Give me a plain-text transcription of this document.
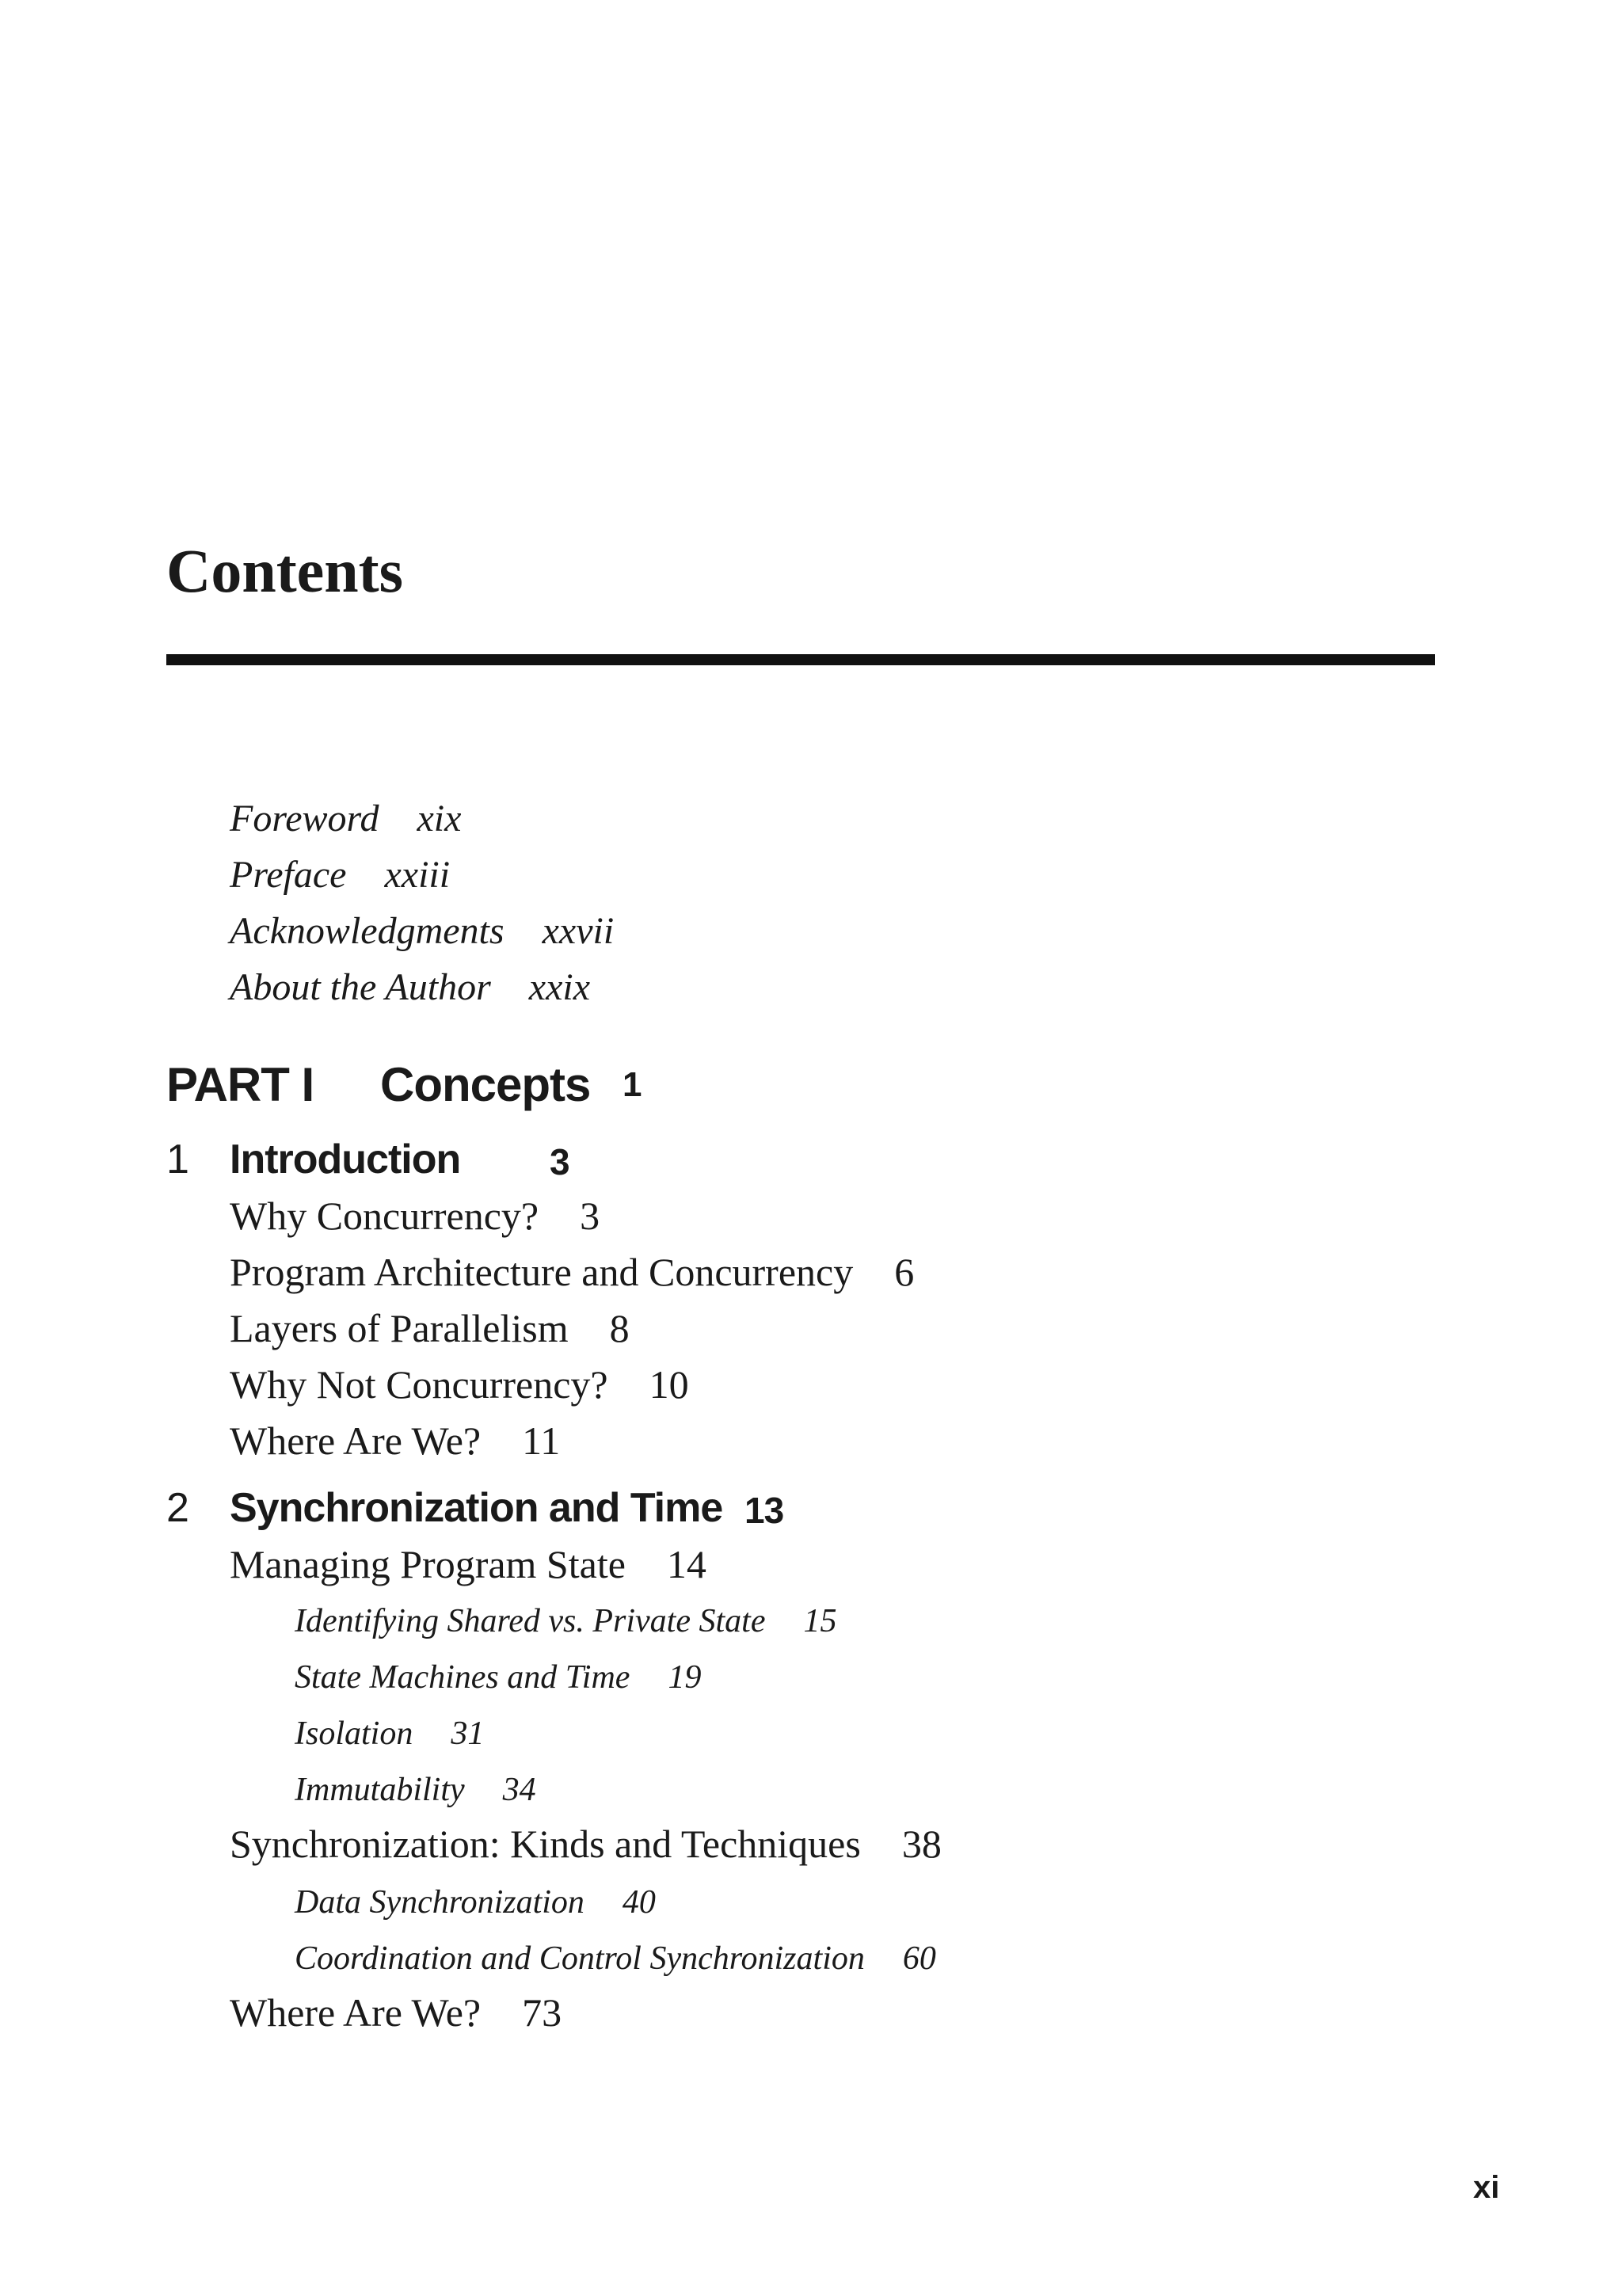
Contents
Foreword xix
Preface xxiii
Acknowledgments xxvii
About the Author xxix
PART I Concepts 1
1 Introduction 3
Why Concurrency? 3
Program Architecture and Concurrency 6
Layers of Parallelism 8
Why Not Concurrency? 10
Where Are We? 11
2 Synchronization and Time 13
Managing Program State 14
Identifying Shared vs. Private State 15
State Machines and Time 19
Isolation 31
Immutability 34
Synchronization: Kinds and Techniques 38
Data Synchronization 40
Coordination and Control Synchronization 60
Where Are We? 73
xi
